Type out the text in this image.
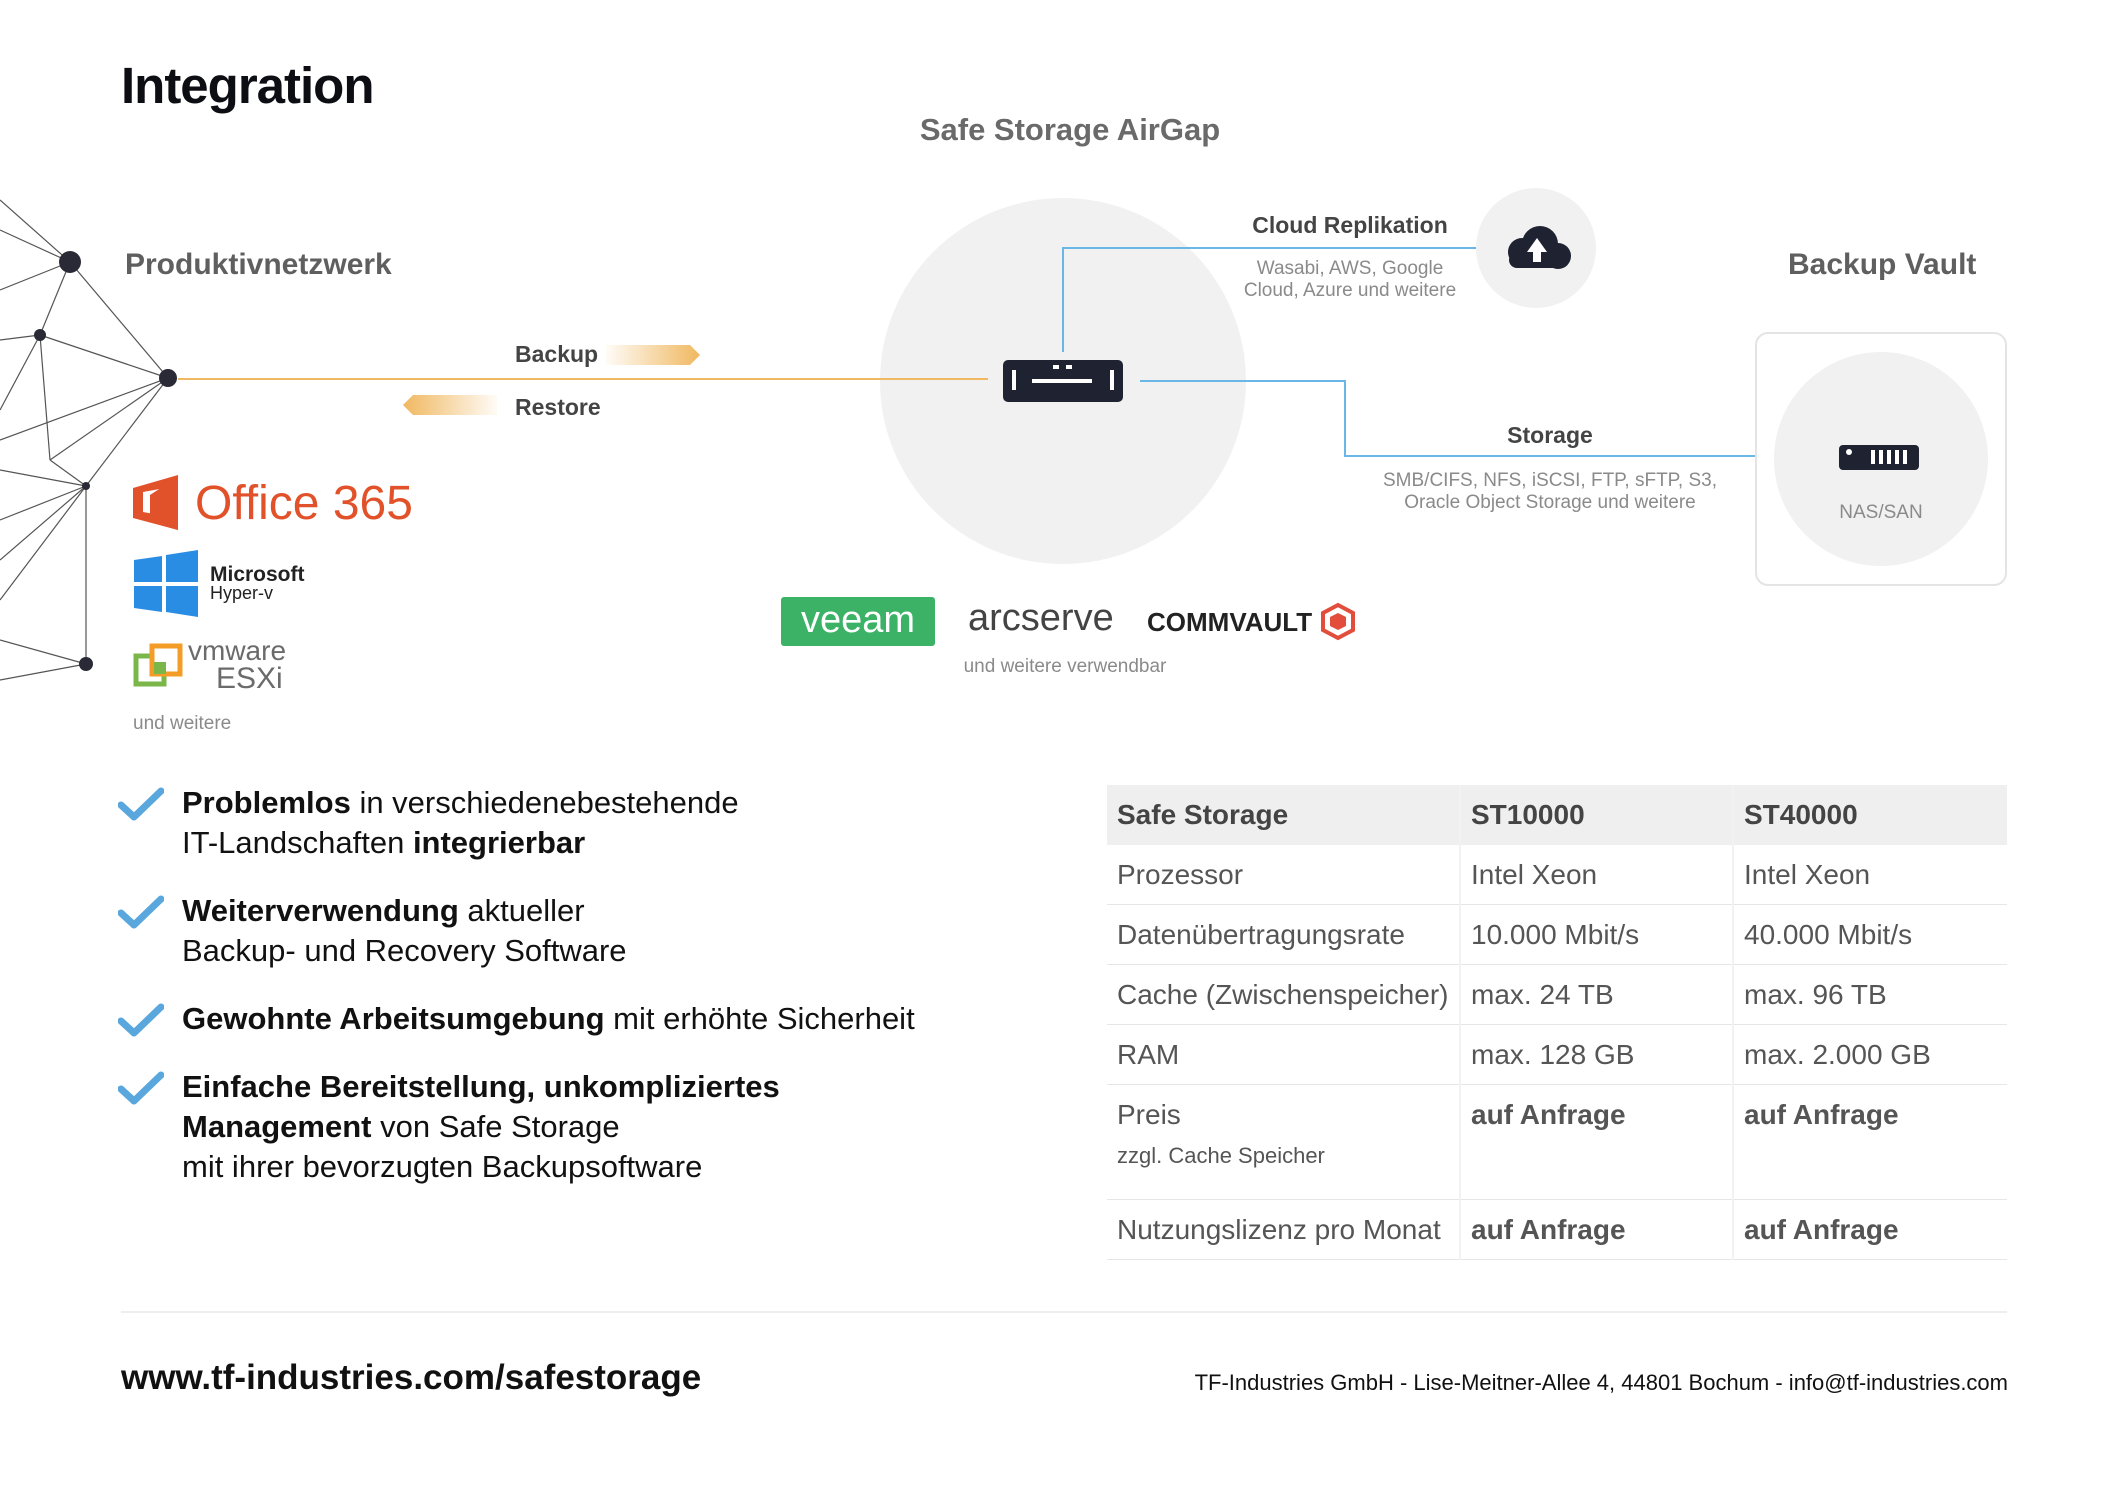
Integration
Safe Storage AirGap
Produktivnetzwerk	Backup Vault
Backup
Restore
Cloud Replikation
Wasabi, AWS, Google
Cloud, Azure und weitere
Storage
SMB/CIFS, NFS, iSCSI, FTP, sFTP, S3,
Oracle Object Storage und weitere	NAS/SAN
Office 365
Microsoft
Hyper-v
vmware
ESXi
und weitere
veeam	arcserve COMMVAULT
und weitere verwendbar
Problemlos in verschiedenebestehende
IT-Landschaften integrierbar
Weiterverwendung aktueller
Backup- und Recovery Software
Gewohnte Arbeitsumgebung mit erhöhte Sicherheit
Einfache Bereitstellung, unkompliziertes
Management von Safe Storage
mit ihrer bevorzugten Backupsoftware
Safe Storage	ST10000	ST40000
Prozessor	Intel Xeon	Intel Xeon
Datenübertragungsrate	10.000 Mbit/s	40.000 Mbit/s
Cache (Zwischenspeicher)	max. 24 TB	max. 96 TB
RAM	max. 128 GB	max. 2.000 GB
Preis
zzgl. Cache Speicher	auf Anfrage	auf Anfrage
Nutzungslizenz pro Monat	auf Anfrage	auf Anfrage
www.tf-industries.com/safestorage	TF-Industries GmbH - Lise-Meitner-Allee 4, 44801 Bochum - info@tf-industries.com
